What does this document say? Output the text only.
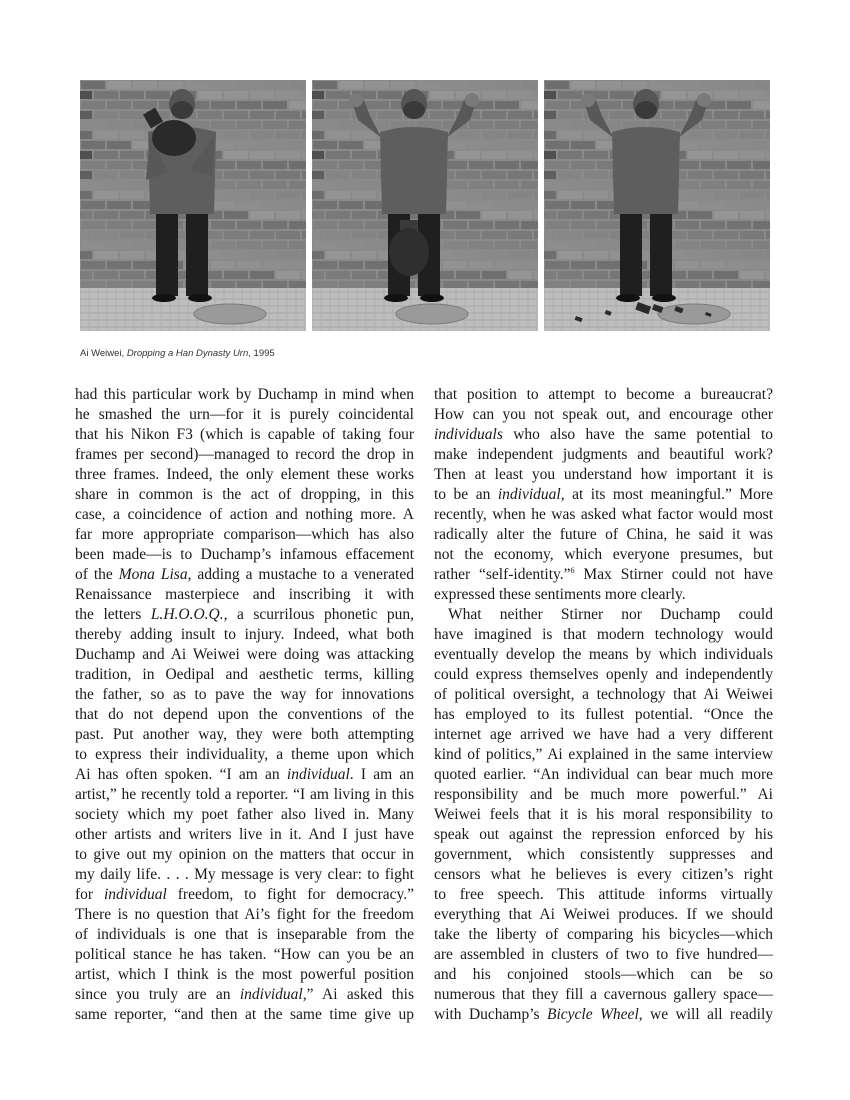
Ai Weiwei, Dropping a Han Dynasty Urn, 1995
had this particular work by Duchamp in mind when
he smashed the urn—for it is purely coincidental
that his Nikon F3 (which is capable of taking four
frames per second)—managed to record the drop in
three frames. Indeed, the only element these works
share in common is the act of dropping, in this
case, a coincidence of action and nothing more. A
far more appropriate comparison—which has also
been made—is to Duchamp’s infamous effacement
of the Mona Lisa, adding a mustache to a venerated
Renaissance masterpiece and inscribing it with
the letters L.H.O.O.Q., a scurrilous phonetic pun,
thereby adding insult to injury. Indeed, what both
Duchamp and Ai Weiwei were doing was attacking
tradition, in Oedipal and aesthetic terms, killing
the father, so as to pave the way for innovations
that do not depend upon the conventions of the
past. Put another way, they were both attempting
to express their individuality, a theme upon which
Ai has often spoken. “I am an individual. I am an
artist,” he recently told a reporter. “I am living in this
society which my poet father also lived in. Many
other artists and writers live in it. And I just have
to give out my opinion on the matters that occur in
my daily life. . . . My message is very clear: to fight
for individual freedom, to fight for democracy.”
There is no question that Ai’s fight for the freedom
of individuals is one that is inseparable from the
political stance he has taken. “How can you be an
artist, which I think is the most powerful position
since you truly are an individual,” Ai asked this
same reporter, “and then at the same time give up
that position to attempt to become a bureaucrat?
How can you not speak out, and encourage other
individuals who also have the same potential to
make independent judgments and beautiful work?
Then at least you understand how important it is
to be an individual, at its most meaningful.” More
recently, when he was asked what factor would most
radically alter the future of China, he said it was
not the economy, which everyone presumes, but
rather “self-identity.”$^6$ Max Stirner could not have
expressed these sentiments more clearly.
What neither Stirner nor Duchamp could
have imagined is that modern technology would
eventually develop the means by which individuals
could express themselves openly and independently
of political oversight, a technology that Ai Weiwei
has employed to its fullest potential. “Once the
internet age arrived we have had a very different
kind of politics,” Ai explained in the same interview
quoted earlier. “An individual can bear much more
responsibility and be much more powerful.” Ai
Weiwei feels that it is his moral responsibility to
speak out against the repression enforced by his
government, which consistently suppresses and
censors what he believes is every citizen’s right
to free speech. This attitude informs virtually
everything that Ai Weiwei produces. If we should
take the liberty of comparing his bicycles—which
are assembled in clusters of two to five hundred—
and his conjoined stools—which can be so
numerous that they fill a cavernous gallery space—
with Duchamp’s Bicycle Wheel, we will all readily
